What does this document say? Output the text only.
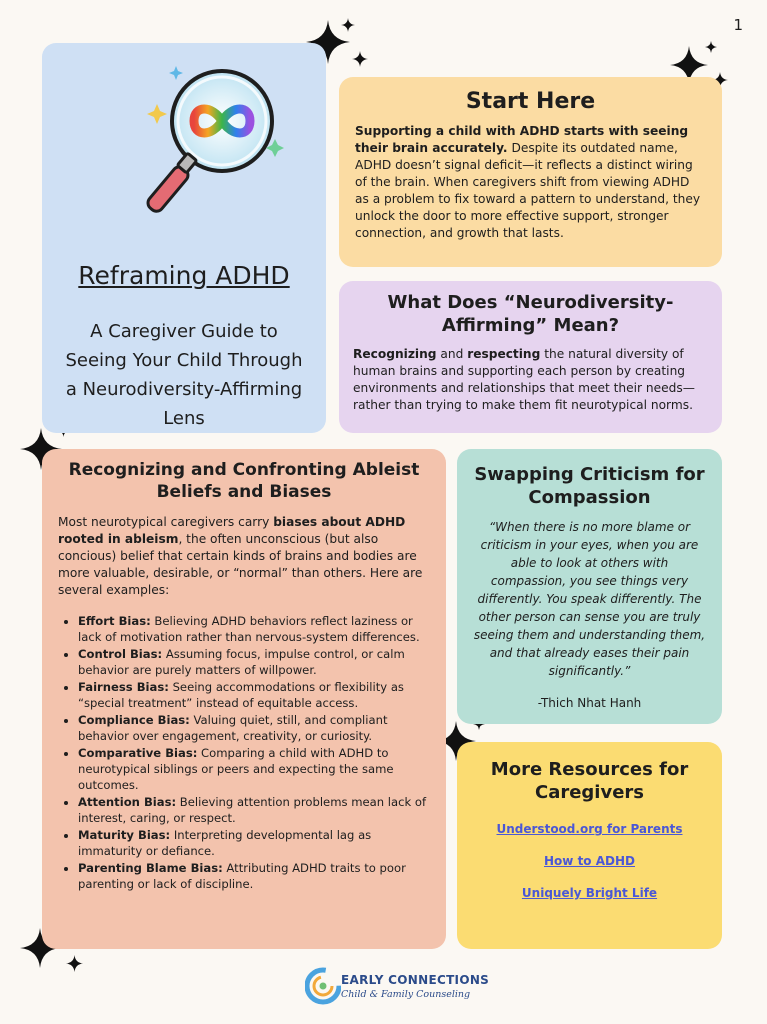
1
Reframing ADHD
A Caregiver Guide to Seeing Your Child Through a Neurodiversity-Affirming Lens
Start Here

Supporting a child with ADHD starts with seeing their brain accurately. Despite its outdated name, ADHD doesn’t signal deficit—it reflects a distinct wiring of the brain. When caregivers shift from viewing ADHD as a problem to fix toward a pattern to understand, they unlock the door to more effective support, stronger connection, and growth that lasts.

What Does “Neurodiversity-Affirming” Mean?

Recognizing and respecting the natural diversity of human brains and supporting each person by creating environments and relationships that meet their needs—rather than trying to make them fit neurotypical norms.

Recognizing and Confronting Ableist Beliefs and Biases

Most neurotypical caregivers carry biases about ADHD rooted in ableism, the often unconscious (but also concious) belief that certain kinds of brains and bodies are more valuable, desirable, or “normal” than others. Here are several examples:

• Effort Bias: Believing ADHD behaviors reflect laziness or lack of motivation rather than nervous-system differences.
• Control Bias: Assuming focus, impulse control, or calm behavior are purely matters of willpower.
• Fairness Bias: Seeing accommodations or flexibility as “special treatment” instead of equitable access.
• Compliance Bias: Valuing quiet, still, and compliant behavior over engagement, creativity, or curiosity.
• Comparative Bias: Comparing a child with ADHD to neurotypical siblings or peers and expecting the same outcomes.
• Attention Bias: Believing attention problems mean lack of interest, caring, or respect.
• Maturity Bias: Interpreting developmental lag as immaturity or defiance.
• Parenting Blame Bias: Attributing ADHD traits to poor parenting or lack of discipline.
Swapping Criticism for Compassion

“When there is no more blame or criticism in your eyes, when you are able to look at others with compassion, you see things very differently. You speak differently. The other person can sense you are truly seeing them and understanding them, and that already eases their pain significantly.”

-Thich Nhat Hanh
More Resources for Caregivers
Understood.org for Parents
How to ADHD
Uniquely Bright Life
EARLY CONNECTIONS
Child & Family Counseling
